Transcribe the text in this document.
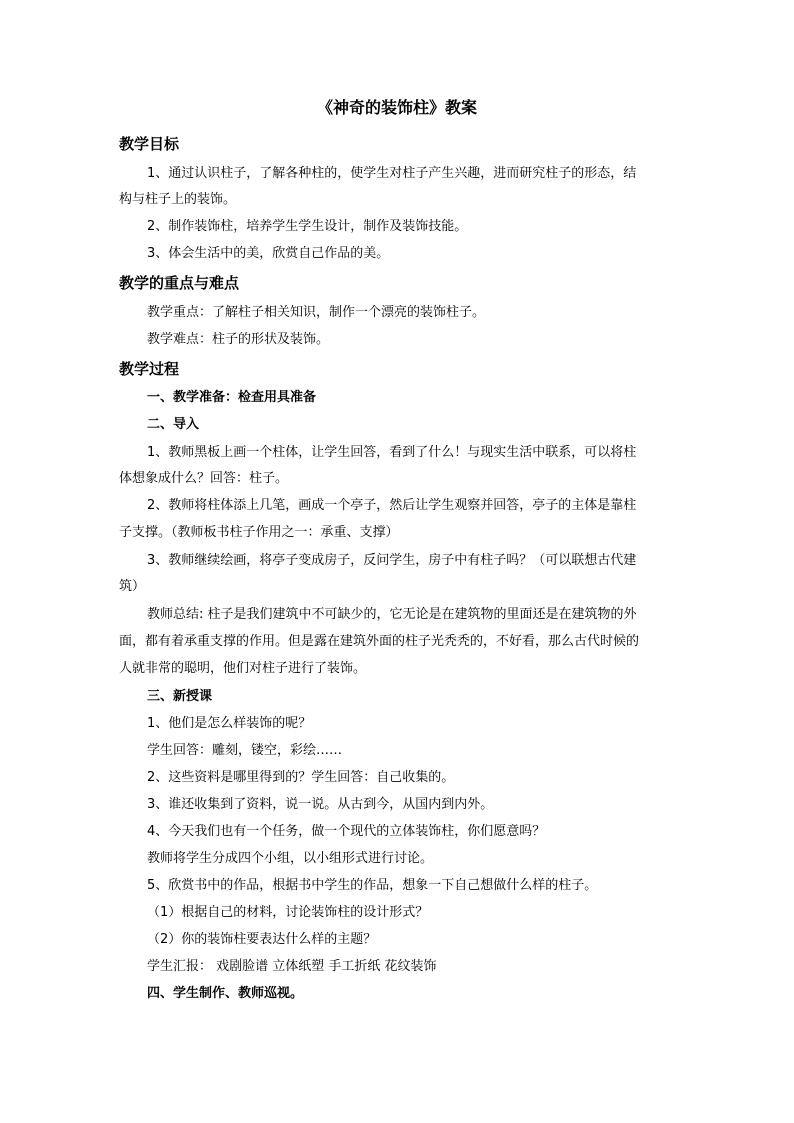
《神奇的装饰柱》教案
教学目标
1、通过认识柱子，了解各种柱的，使学生对柱子产生兴趣，进而研究柱子的形态，结
构与柱子上的装饰。
2、制作装饰柱，培养学生学生设计，制作及装饰技能。
3、体会生活中的美，欣赏自己作品的美。
教学的重点与难点
教学重点：了解柱子相关知识，制作一个漂亮的装饰柱子。
教学难点：柱子的形状及装饰。
教学过程
一、教学准备：检查用具准备
二、导入
1、教师黑板上画一个柱体，让学生回答，看到了什么！与现实生活中联系，可以将柱
体想象成什么？回答：柱子。
2、教师将柱体添上几笔，画成一个亭子，然后让学生观察并回答，亭子的主体是靠柱
子支撑。（教师板书柱子作用之一：承重、支撑）
3、教师继续绘画，将亭子变成房子，反问学生，房子中有柱子吗？（可以联想古代建
筑）
教师总结: 柱子是我们建筑中不可缺少的，它无论是在建筑物的里面还是在建筑物的外
面，都有着承重支撑的作用。但是露在建筑外面的柱子光秃秃的，不好看，那么古代时候的
人就非常的聪明，他们对柱子进行了装饰。
三、新授课
1、他们是怎么样装饰的呢？
学生回答：雕刻，镂空，彩绘……
2、这些资料是哪里得到的？学生回答：自己收集的。
3、谁还收集到了资料，说一说。从古到今，从国内到内外。
4、今天我们也有一个任务，做一个现代的立体装饰柱，你们愿意吗？
教师将学生分成四个小组，以小组形式进行讨论。
5、欣赏书中的作品，根据书中学生的作品，想象一下自己想做什么样的柱子。
（1）根据自己的材料，讨论装饰柱的设计形式？
（2）你的装饰柱要表达什么样的主题？
学生汇报： 戏剧脸谱 立体纸塑 手工折纸 花纹装饰
四、学生制作、教师巡视。
